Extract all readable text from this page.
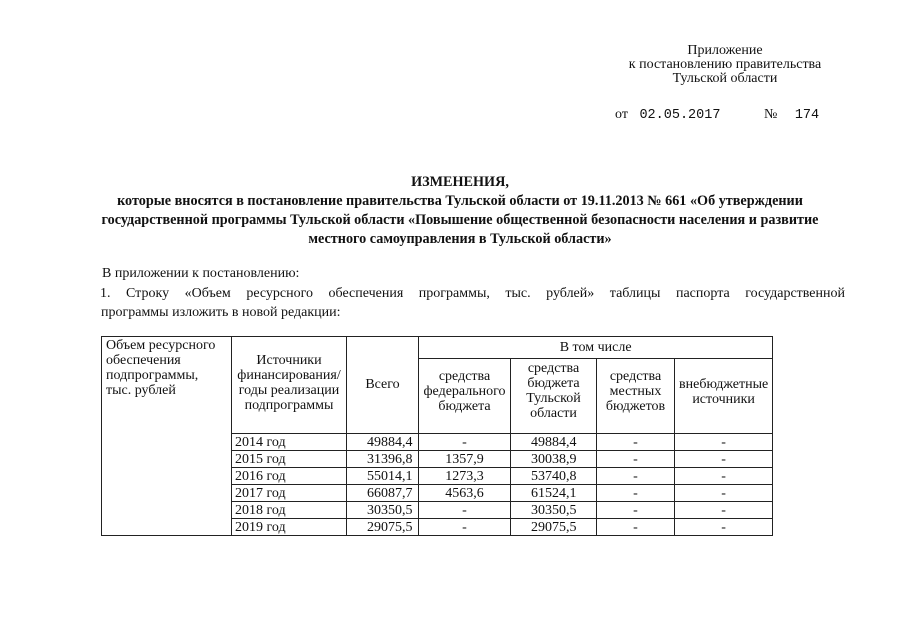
Приложение
к постановлению правительства
Тульской области
от 02.05.2017	№ 174
ИЗМЕНЕНИЯ,
которые вносятся в постановление правительства Тульской области от 19.11.2013 № 661 «Об утверждении
государственной программы Тульской области «Повышение общественной безопасности населения и развитие
местного самоуправления в Тульской области»
В приложении к постановлению:
1. Строку «Объем ресурсного обеспечения программы, тыс. рублей» таблицы паспорта государственной
программы изложить в новой редакции:
Объем ресурсного обеспечения подпрограммы, тыс. рублей	Источники финансирования/ годы реализации подпрограммы	Всего	В том числе			
			средства федерального бюджета	средства бюджета Тульской области	средства местных бюджетов	внебюджетные источники
	2014 год	49884,4	-	49884,4	-	-
	2015 год	31396,8	1357,9	30038,9	-	-
	2016 год	55014,1	1273,3	53740,8	-	-
	2017 год	66087,7	4563,6	61524,1	-	-
	2018 год	30350,5	-	30350,5	-	-
	2019 год	29075,5	-	29075,5	-	-
